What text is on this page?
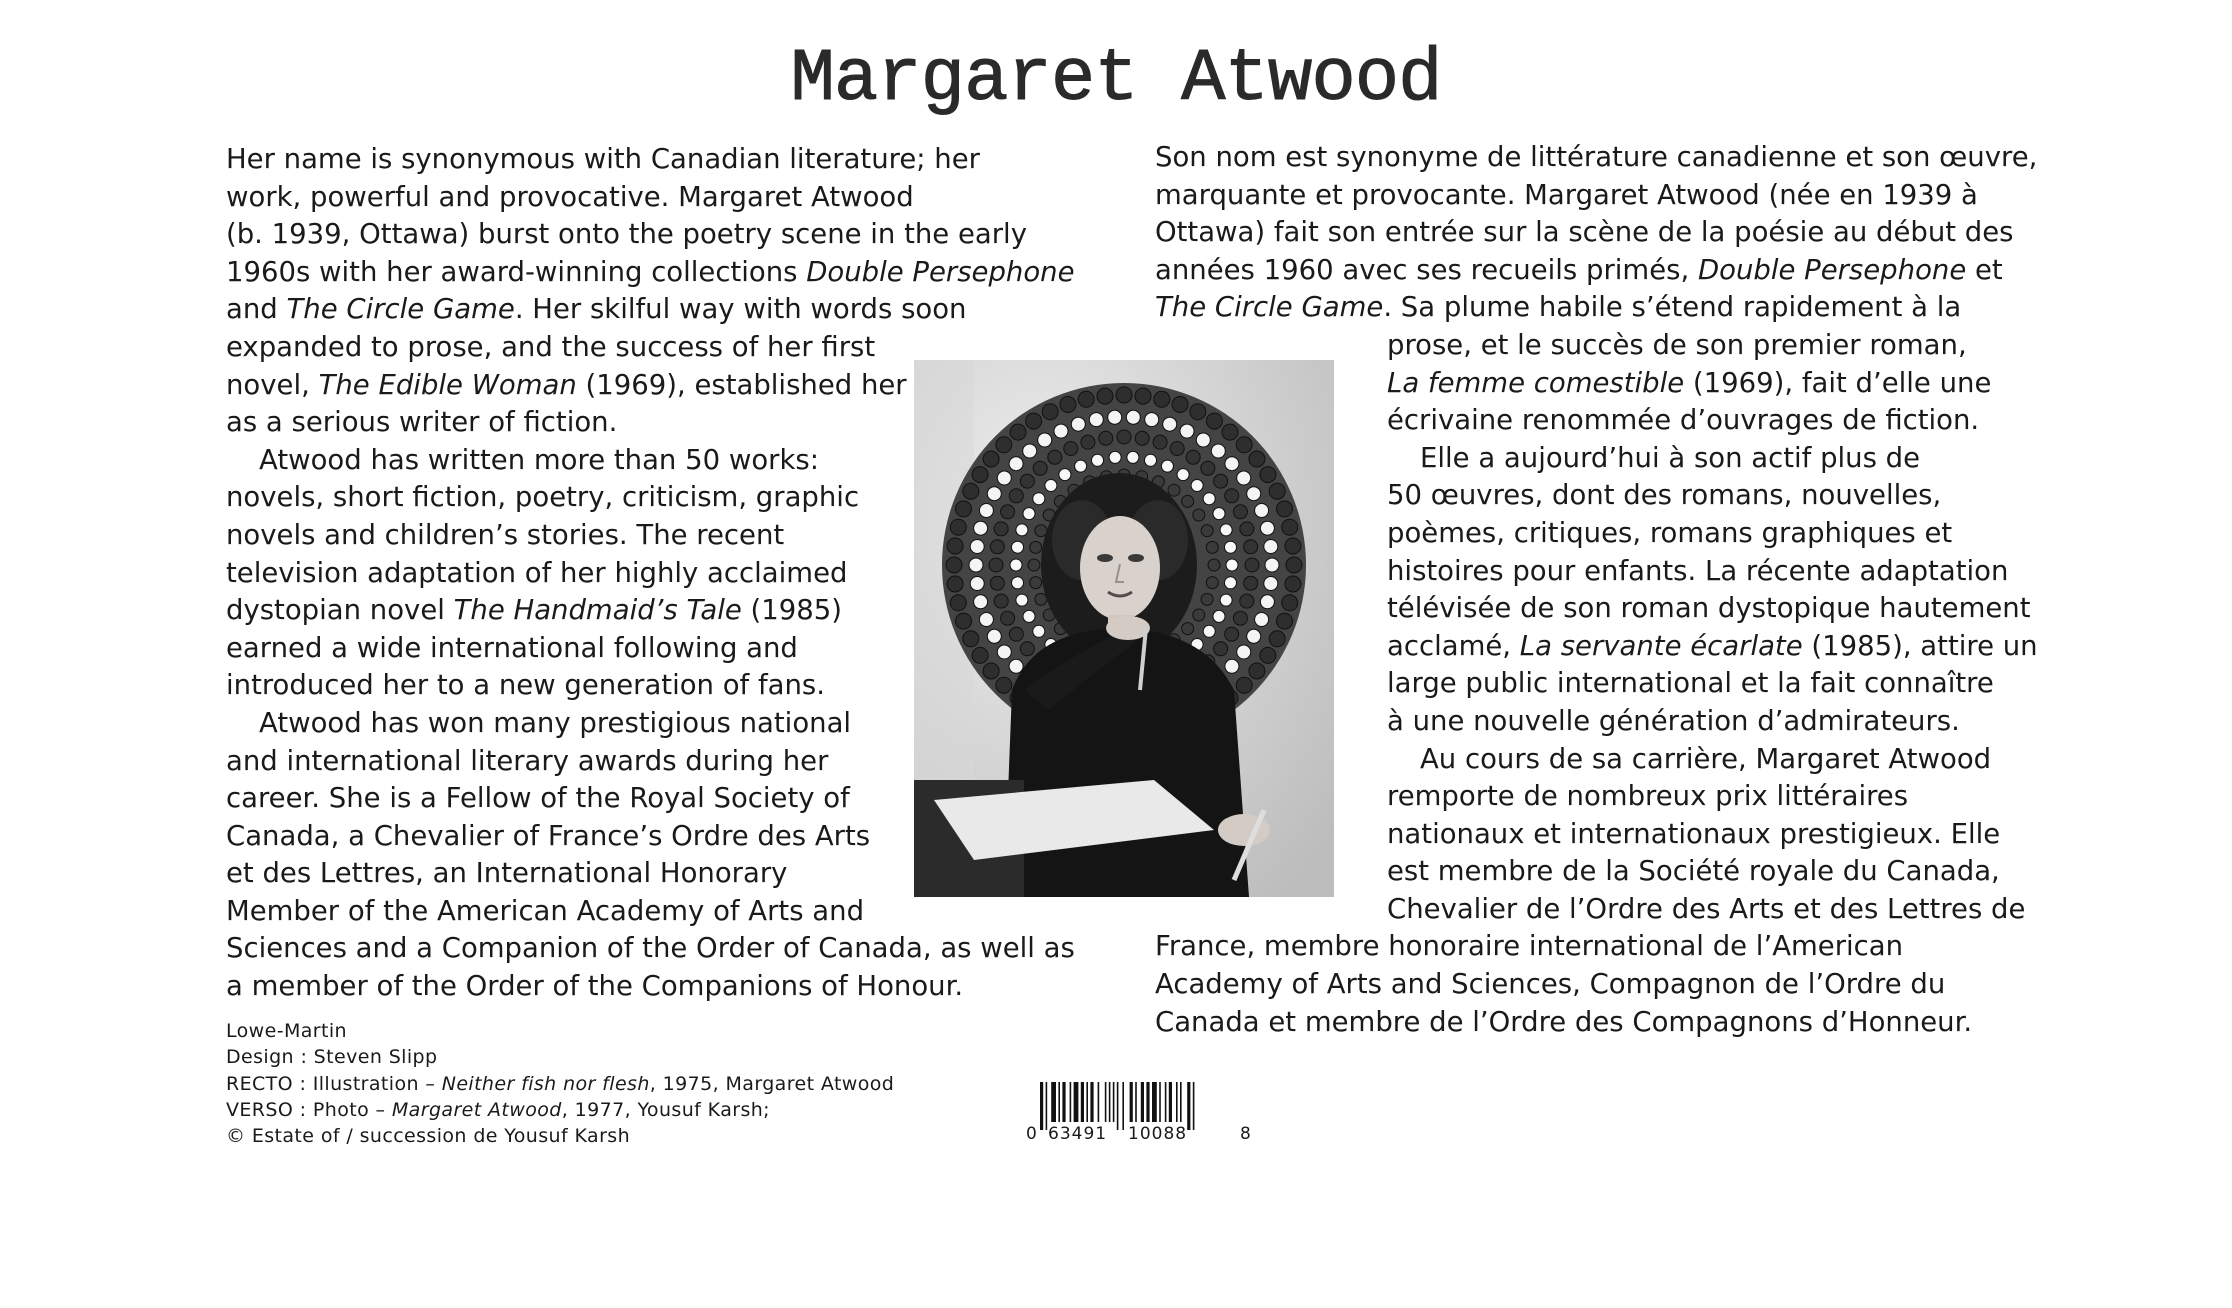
Margaret Atwood
Her name is synonymous with Canadian literature; her
work, powerful and provocative. Margaret Atwood
(b. 1939, Ottawa) burst onto the poetry scene in the early
1960s with her award-winning collections Double Persephone
and The Circle Game. Her skilful way with words soon
expanded to prose, and the success of her first
novel, The Edible Woman (1969), established her
as a serious writer of fiction.
Atwood has written more than 50 works:
novels, short fiction, poetry, criticism, graphic
novels and children’s stories. The recent
television adaptation of her highly acclaimed
dystopian novel The Handmaid’s Tale (1985)
earned a wide international following and
introduced her to a new generation of fans.
Atwood has won many prestigious national
and international literary awards during her
career. She is a Fellow of the Royal Society of
Canada, a Chevalier of France’s Ordre des Arts
et des Lettres, an International Honorary
Member of the American Academy of Arts and
Sciences and a Companion of the Order of Canada, as well as
a member of the Order of the Companions of Honour.
Son nom est synonyme de littérature canadienne et son œuvre,
marquante et provocante. Margaret Atwood (née en 1939 à
Ottawa) fait son entrée sur la scène de la poésie au début des
années 1960 avec ses recueils primés, Double Persephone et
The Circle Game. Sa plume habile s’étend rapidement à la
prose, et le succès de son premier roman,
La femme comestible (1969), fait d’elle une
écrivaine renommée d’ouvrages de fiction.
Elle a aujourd’hui à son actif plus de
50 œuvres, dont des romans, nouvelles,
poèmes, critiques, romans graphiques et
histoires pour enfants. La récente adaptation
télévisée de son roman dystopique hautement
acclamé, La servante écarlate (1985), attire un
large public international et la fait connaître
à une nouvelle génération d’admirateurs.
Au cours de sa carrière, Margaret Atwood
remporte de nombreux prix littéraires
nationaux et internationaux prestigieux. Elle
est membre de la Société royale du Canada,
Chevalier de l’Ordre des Arts et des Lettres de
France, membre honoraire international de l’American
Academy of Arts and Sciences, Compagnon de l’Ordre du
Canada et membre de l’Ordre des Compagnons d’Honneur.
Lowe-Martin
Design : Steven Slipp
RECTO : Illustration – Neither fish nor flesh, 1975, Margaret Atwood
VERSO : Photo – Margaret Atwood, 1977, Yousuf Karsh;
© Estate of / succession de Yousuf Karsh	0 63491 10088	8
